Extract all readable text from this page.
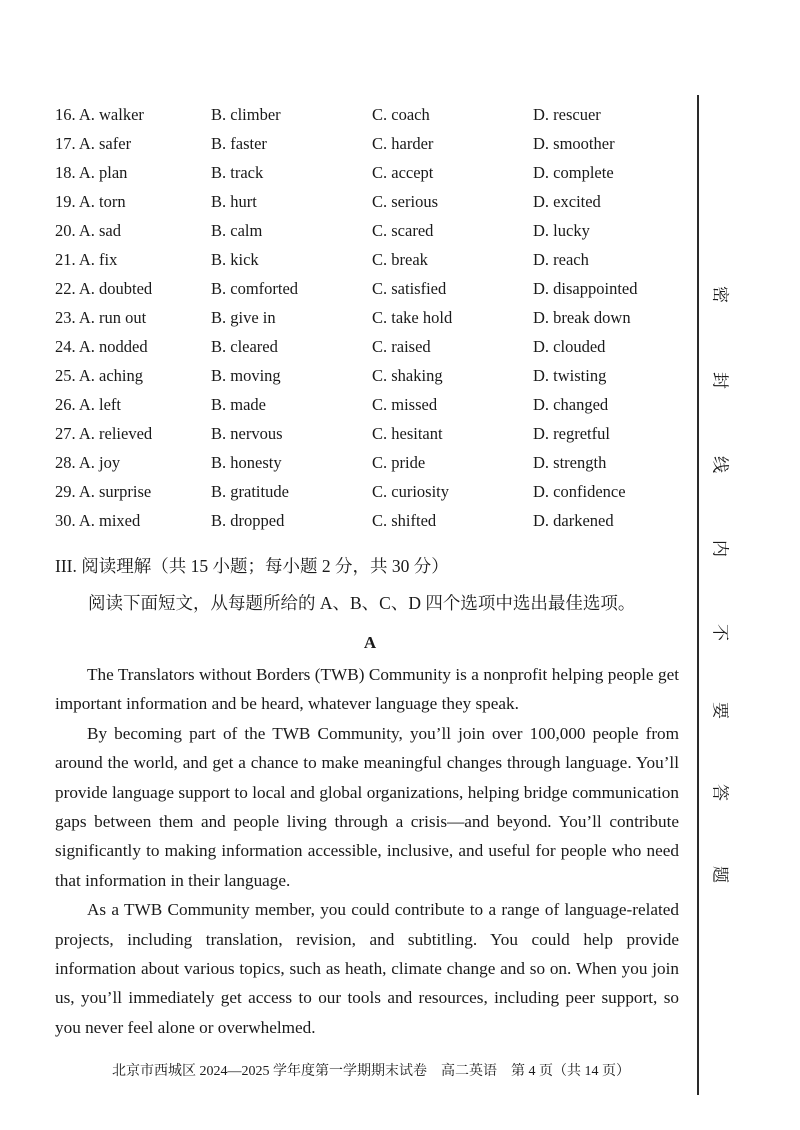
16. A. walker	B. climber	C. coach	D. rescuer
17. A. safer	B. faster	C. harder	D. smoother
18. A. plan	B. track	C. accept	D. complete
19. A. torn	B. hurt	C. serious	D. excited
20. A. sad	B. calm	C. scared	D. lucky
21. A. fix	B. kick	C. break	D. reach
22. A. doubted	B. comforted	C. satisfied	D. disappointed
23. A. run out	B. give in	C. take hold	D. break down
24. A. nodded	B. cleared	C. raised	D. clouded
25. A. aching	B. moving	C. shaking	D. twisting
26. A. left	B. made	C. missed	D. changed
27. A. relieved	B. nervous	C. hesitant	D. regretful
28. A. joy	B. honesty	C. pride	D. strength
29. A. surprise	B. gratitude	C. curiosity	D. confidence
30. A. mixed	B. dropped	C. shifted	D. darkened
III. 阅读理解（共 15 小题；每小题 2 分，共 30 分）
阅读下面短文，从每题所给的 A、B、C、D 四个选项中选出最佳选项。
A

The Translators without Borders (TWB) Community is a nonprofit helping people get important information and be heard, whatever language they speak.

By becoming part of the TWB Community, you’ll join over 100,000 people from around the world, and get a chance to make meaningful changes through language. You’ll provide language support to local and global organizations, helping bridge communication gaps between them and people living through a crisis—and beyond. You’ll contribute significantly to making information accessible, inclusive, and useful for people who need that information in their language.

As a TWB Community member, you could contribute to a range of language-related projects, including translation, revision, and subtitling. You could help provide information about various topics, such as heath, climate change and so on. When you join us, you’ll immediately get access to our tools and resources, including peer support, so you never feel alone or overwhelmed.

北京市西城区 2024—2025 学年度第一学期期末试卷　高二英语　第 4 页（共 14 页）
密
封
线
内
不
要
答
题
